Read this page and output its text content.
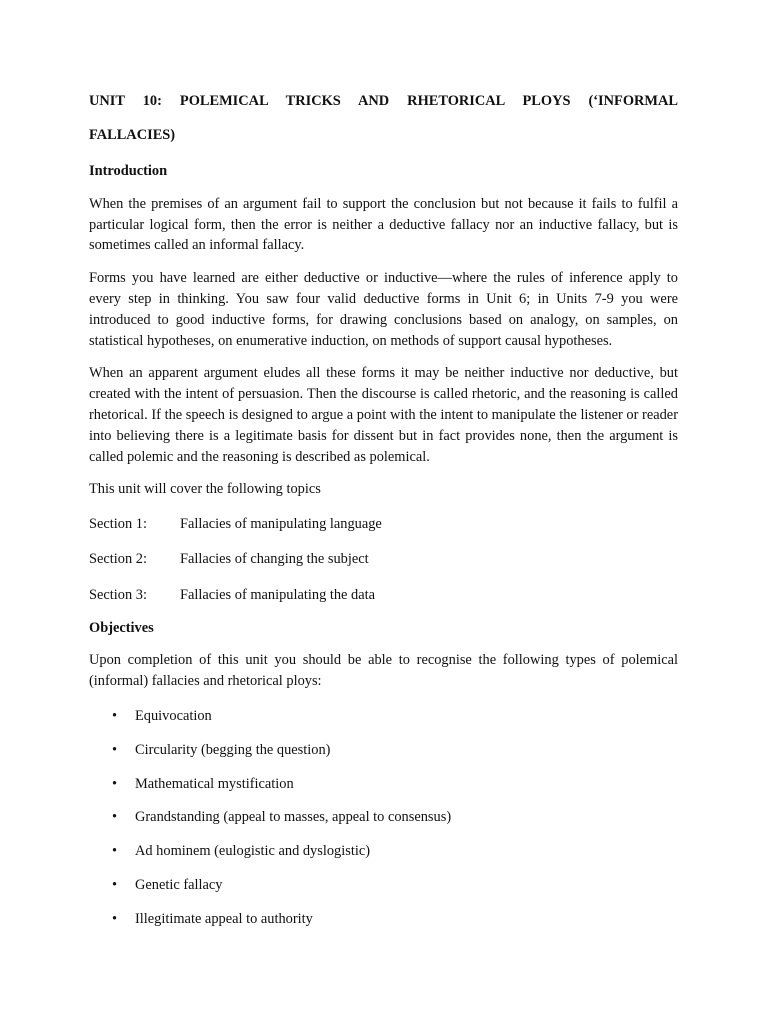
UNIT 10: POLEMICAL TRICKS AND RHETORICAL PLOYS (‘INFORMAL

FALLACIES)

Introduction

When the premises of an argument fail to support the conclusion but not because it fails to fulfil a particular logical form, then the error is neither a deductive fallacy nor an inductive fallacy, but is sometimes called an informal fallacy.

Forms you have learned are either deductive or inductive—where the rules of inference apply to every step in thinking. You saw four valid deductive forms in Unit 6; in Units 7-9 you were introduced to good inductive forms, for drawing conclusions based on analogy, on samples, on statistical hypotheses, on enumerative induction, on methods of support causal hypotheses.

When an apparent argument eludes all these forms it may be neither inductive nor deductive, but created with the intent of persuasion. Then the discourse is called rhetoric, and the reasoning is called rhetorical. If the speech is designed to argue a point with the intent to manipulate the listener or reader into believing there is a legitimate basis for dissent but in fact provides none, then the argument is called polemic and the reasoning is described as polemical.

This unit will cover the following topics

Section 1:	Fallacies of manipulating language
Section 2:	Fallacies of changing the subject
Section 3:	Fallacies of manipulating the data

Objectives

Upon completion of this unit you should be able to recognise the following types of polemical (informal) fallacies and rhetorical ploys:

• Equivocation
• Circularity (begging the question)
• Mathematical mystification
• Grandstanding (appeal to masses, appeal to consensus)
• Ad hominem (eulogistic and dyslogistic)
• Genetic fallacy
• Illegitimate appeal to authority
